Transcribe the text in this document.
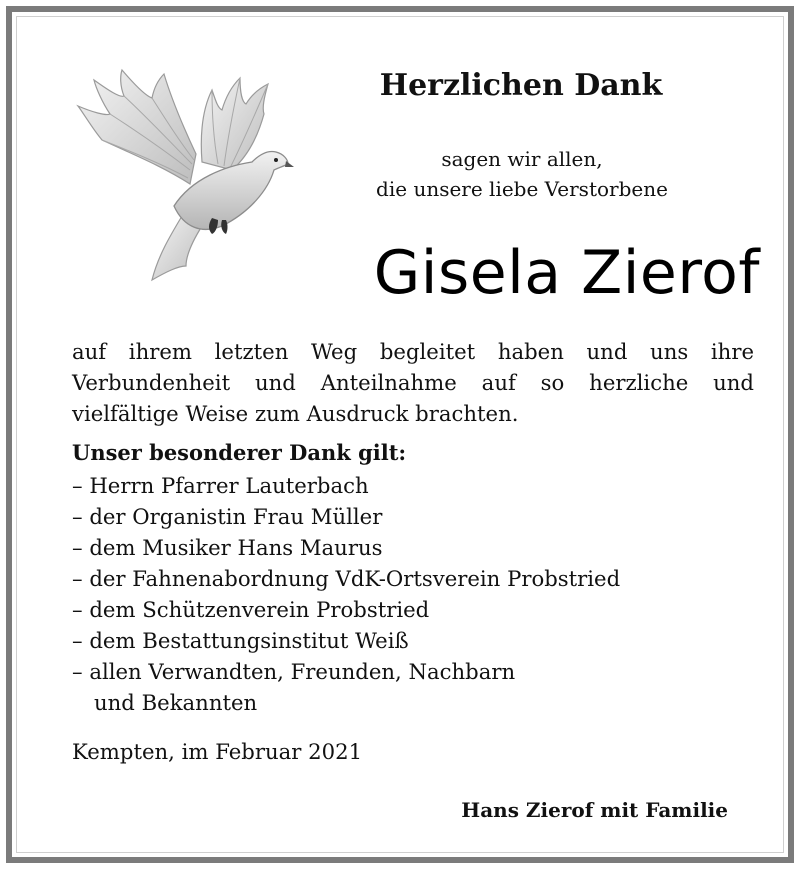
Herzlichen Dank
sagen wir allen,
die unsere liebe Verstorbene
Gisela Zierof
auf ihrem letzten Weg begleitet haben und uns ihre Verbundenheit und Anteilnahme auf so herzliche und vielfältige Weise zum Ausdruck brachten.
Unser besonderer Dank gilt:
– Herrn Pfarrer Lauterbach
– der Organistin Frau Müller
– dem Musiker Hans Maurus
– der Fahnenabordnung VdK-Ortsverein Probstried
– dem Schützenverein Probstried
– dem Bestattungsinstitut Weiß
– allen Verwandten, Freunden, Nachbarn
und Bekannten
Kempten, im Februar 2021
Hans Zierof mit Familie
